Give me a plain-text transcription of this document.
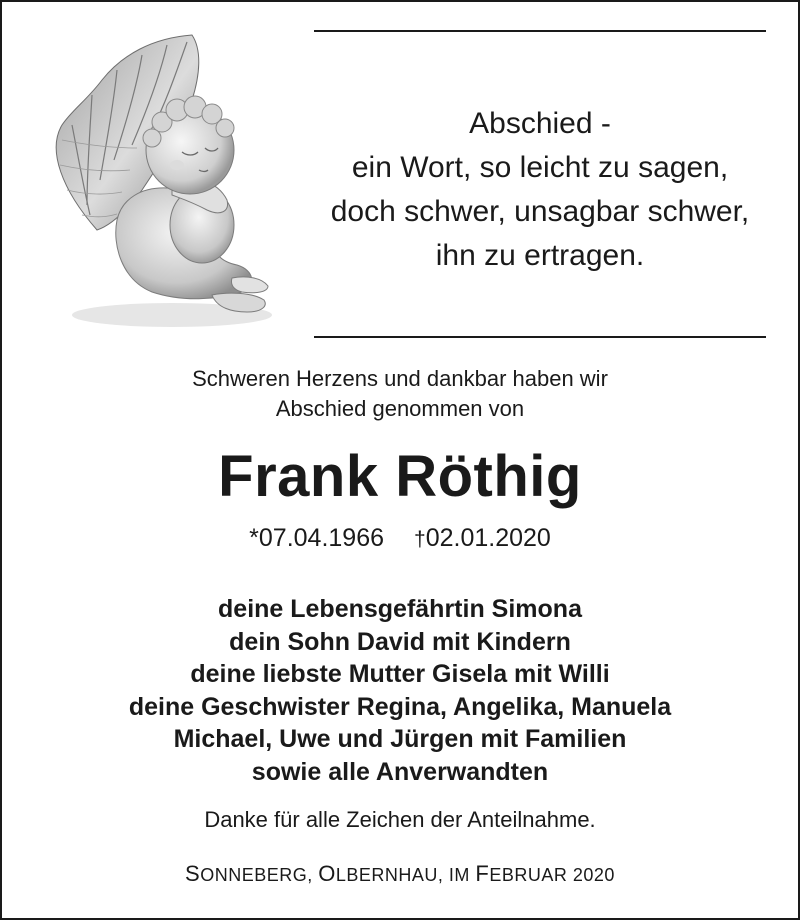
Abschied -
ein Wort, so leicht zu sagen,
doch schwer, unsagbar schwer,
ihn zu ertragen.
Schweren Herzens und dankbar haben wir
Abschied genommen von
Frank Röthig
*07.04.1966 †02.01.2020
deine Lebensgefährtin Simona
dein Sohn David mit Kindern
deine liebste Mutter Gisela mit Willi
deine Geschwister Regina, Angelika, Manuela
Michael, Uwe und Jürgen mit Familien
sowie alle Anverwandten
Danke für alle Zeichen der Anteilnahme.
SONNEBERG, OLBERNHAU, IM FEBRUAR 2020
